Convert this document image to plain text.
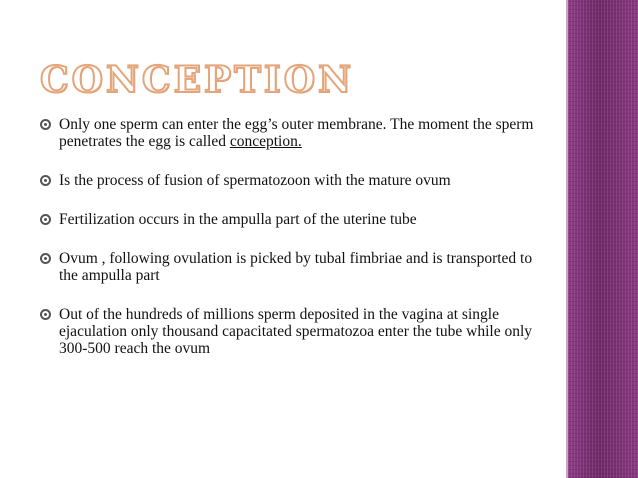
CONCEPTION
Only one sperm can enter the egg’s outer membrane. The moment the sperm penetrates the egg is called conception.
Is the process of fusion of spermatozoon with the mature ovum
Fertilization occurs in the ampulla part of the uterine tube
Ovum , following ovulation is picked by tubal fimbriae and is transported to the ampulla part
Out of the hundreds of millions sperm deposited in the vagina at single ejaculation only thousand capacitated spermatozoa enter the tube while only 300-500 reach the ovum
